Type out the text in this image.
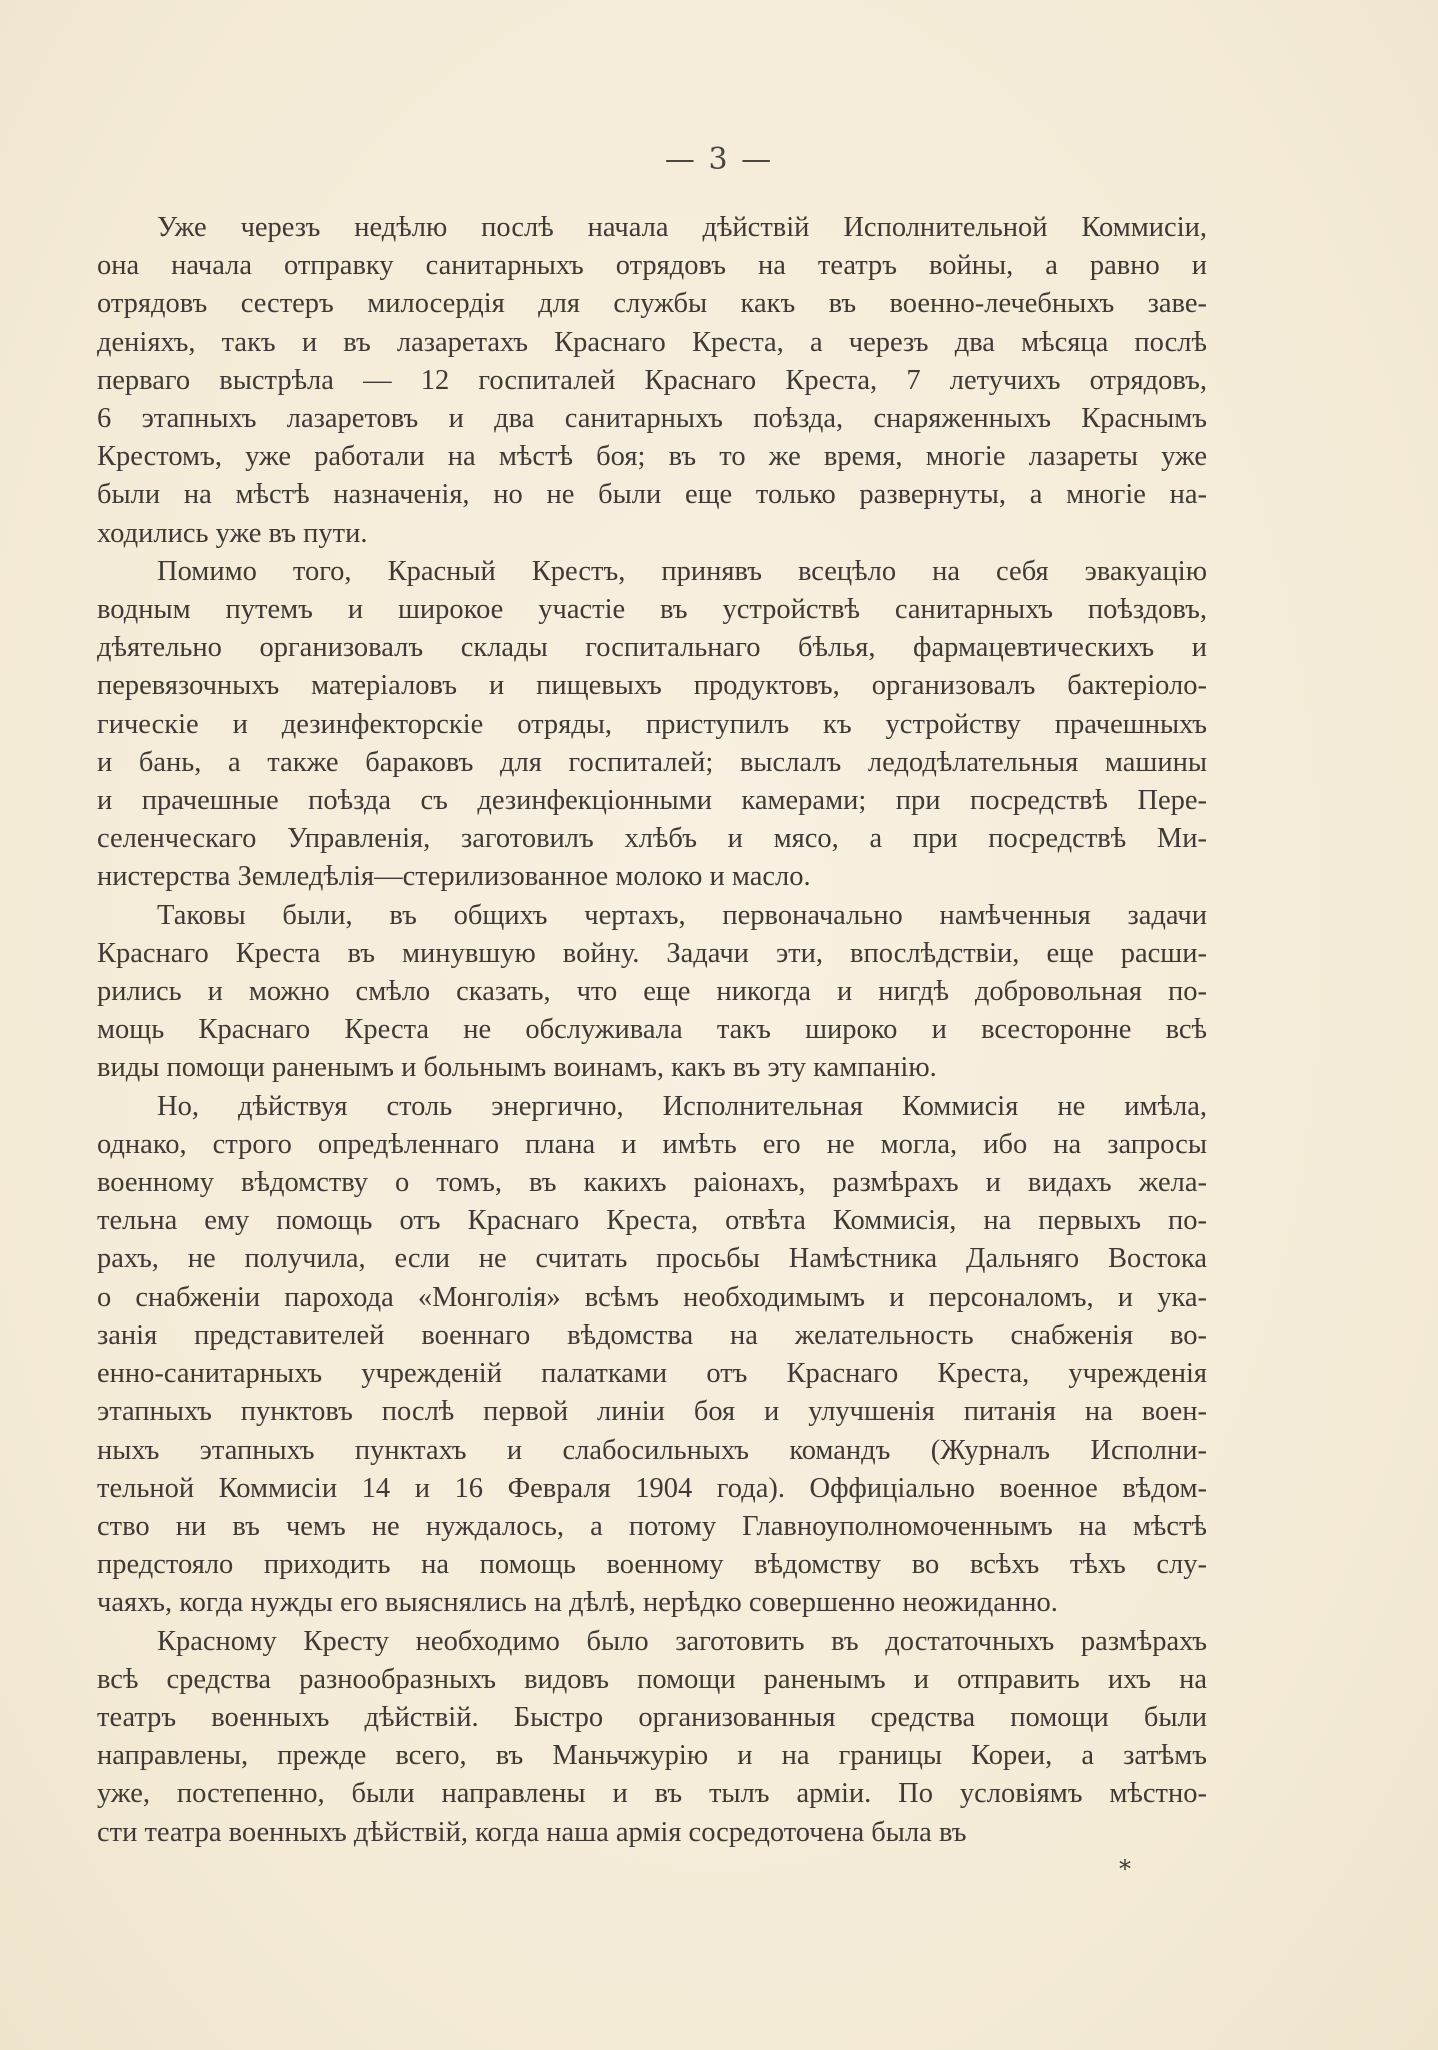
— 3 —

Уже черезъ недѣлю послѣ начала дѣйствій Исполнительной Коммисіи,
она начала отправку санитарныхъ отрядовъ на театръ войны, а равно и
отрядовъ сестеръ милосердія для службы какъ въ военно-лечебныхъ заве-
деніяхъ, такъ и въ лазаретахъ Краснаго Креста, а черезъ два мѣсяца послѣ
перваго выстрѣла — 12 госпиталей Краснаго Креста, 7 летучихъ отрядовъ,
6 этапныхъ лазаретовъ и два санитарныхъ поѣзда, снаряженныхъ Краснымъ
Крестомъ, уже работали на мѣстѣ боя; въ то же время, многіе лазареты уже
были на мѣстѣ назначенія, но не были еще только развернуты, а многіе на-
ходились уже въ пути.

Помимо того, Красный Крестъ, принявъ всецѣло на себя эвакуацію
водным путемъ и широкое участіе въ устройствѣ санитарныхъ поѣздовъ,
дѣятельно организовалъ склады госпитальнаго бѣлья, фармацевтическихъ и
перевязочныхъ матеріаловъ и пищевыхъ продуктовъ, организовалъ бактеріоло-
гическіе и дезинфекторскіе отряды, приступилъ къ устройству прачешныхъ
и бань, а также бараковъ для госпиталей; выслалъ ледодѣлательныя машины
и прачешные поѣзда съ дезинфекціонными камерами; при посредствѣ Пере-
селенческаго Управленія, заготовилъ хлѣбъ и мясо, а при посредствѣ Ми-
нистерства Земледѣлія—стерилизованное молоко и масло.

Таковы были, въ общихъ чертахъ, первоначально намѣченныя задачи
Краснаго Креста въ минувшую войну. Задачи эти, впослѣдствіи, еще расши-
рились и можно смѣло сказать, что еще никогда и нигдѣ добровольная по-
мощь Краснаго Креста не обслуживала такъ широко и всесторонне всѣ
виды помощи раненымъ и больнымъ воинамъ, какъ въ эту кампанію.

Но, дѣйствуя столь энергично, Исполнительная Коммисія не имѣла,
однако, строго опредѣленнаго плана и имѣть его не могла, ибо на запросы
военному вѣдомству о томъ, въ какихъ раіонахъ, размѣрахъ и видахъ жела-
тельна ему помощь отъ Краснаго Креста, отвѣта Коммисія, на первыхъ по-
рахъ, не получила, если не считать просьбы Намѣстника Дальняго Востока
о снабженіи парохода «Монголія» всѣмъ необходимымъ и персоналомъ, и ука-
занія представителей военнаго вѣдомства на желательность снабженія во-
енно-санитарныхъ учрежденій палатками отъ Краснаго Креста, учрежденія
этапныхъ пунктовъ послѣ первой линіи боя и улучшенія питанія на воен-
ныхъ этапныхъ пунктахъ и слабосильныхъ командъ (Журналъ Исполни-
тельной Коммисіи 14 и 16 Февраля 1904 года). Оффиціально военное вѣдом-
ство ни въ чемъ не нуждалось, а потому Главноуполномоченнымъ на мѣстѣ
предстояло приходить на помощь военному вѣдомству во всѣхъ тѣхъ слу-
чаяхъ, когда нужды его выяснялись на дѣлѣ, нерѣдко совершенно неожиданно.

Красному Кресту необходимо было заготовить въ достаточныхъ размѣрахъ
всѣ средства разнообразныхъ видовъ помощи раненымъ и отправить ихъ на
театръ военныхъ дѣйствій. Быстро организованныя средства помощи были
направлены, прежде всего, въ Маньчжурію и на границы Кореи, а затѣмъ
уже, постепенно, были направлены и въ тылъ арміи. По условіямъ мѣстно-
сти театра военныхъ дѣйствій, когда наша армія сосредоточена была въ

*
